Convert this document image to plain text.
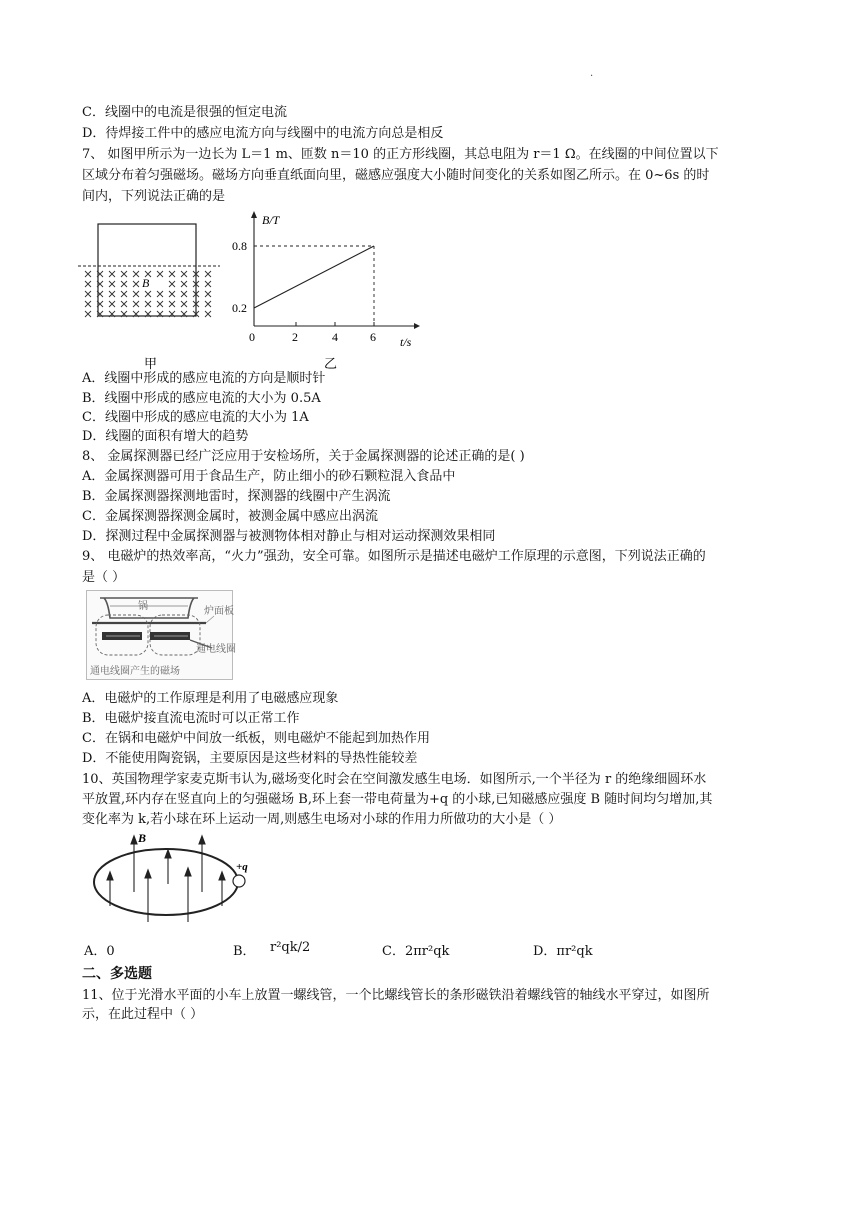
.
C．线圈中的电流是很强的恒定电流
D．待焊接工件中的感应电流方向与线圈中的电流方向总是相反
7、 如图甲所示为一边长为 L＝1 m、匝数 n＝10 的正方形线圈，其总电阻为 r＝1 Ω。在线圈的中间位置以下
区域分布着匀强磁场。磁场方向垂直纸面向里，磁感应强度大小随时间变化的关系如图乙所示。在 0~6s 的时
间内，下列说法正确的是
B
甲
B/T
t/s
0.8
0.2
0	2	4	6
乙
A．线圈中形成的感应电流的方向是顺时针
B．线圈中形成的感应电流的大小为 0.5A
C．线圈中形成的感应电流的大小为 1A
D．线圈的面积有增大的趋势
8、 金属探测器已经广泛应用于安检场所，关于金属探测器的论述正确的是( )
A．金属探测器可用于食品生产，防止细小的砂石颗粒混入食品中
B．金属探测器探测地雷时，探测器的线圈中产生涡流
C．金属探测器探测金属时，被测金属中感应出涡流
D．探测过程中金属探测器与被测物体相对静止与相对运动探测效果相同
9、 电磁炉的热效率高，“火力”强劲，安全可靠。如图所示是描述电磁炉工作原理的示意图，下列说法正确的
是（ ）
锅	炉面板
通电线圈
通电线圈产生的磁场
A．电磁炉的工作原理是利用了电磁感应现象
B．电磁炉接直流电流时可以正常工作
C．在锅和电磁炉中间放一纸板，则电磁炉不能起到加热作用
D．不能使用陶瓷锅，主要原因是这些材料的导热性能较差
10、英国物理学家麦克斯韦认为,磁场变化时会在空间激发感生电场．如图所示,一个半径为 r 的绝缘细圆环水
平放置,环内存在竖直向上的匀强磁场 B,环上套一带电荷量为+q 的小球,已知磁感应强度 B 随时间均匀增加,其
变化率为 k,若小球在环上运动一周,则感生电场对小球的作用力所做功的大小是（ ）
+q
B
A．0	B． r²qk/2	C．2πr²qk	D．πr²qk
二、多选题
11、位于光滑水平面的小车上放置一螺线管，一个比螺线管长的条形磁铁沿着螺线管的轴线水平穿过，如图所
示，在此过程中（ ）
